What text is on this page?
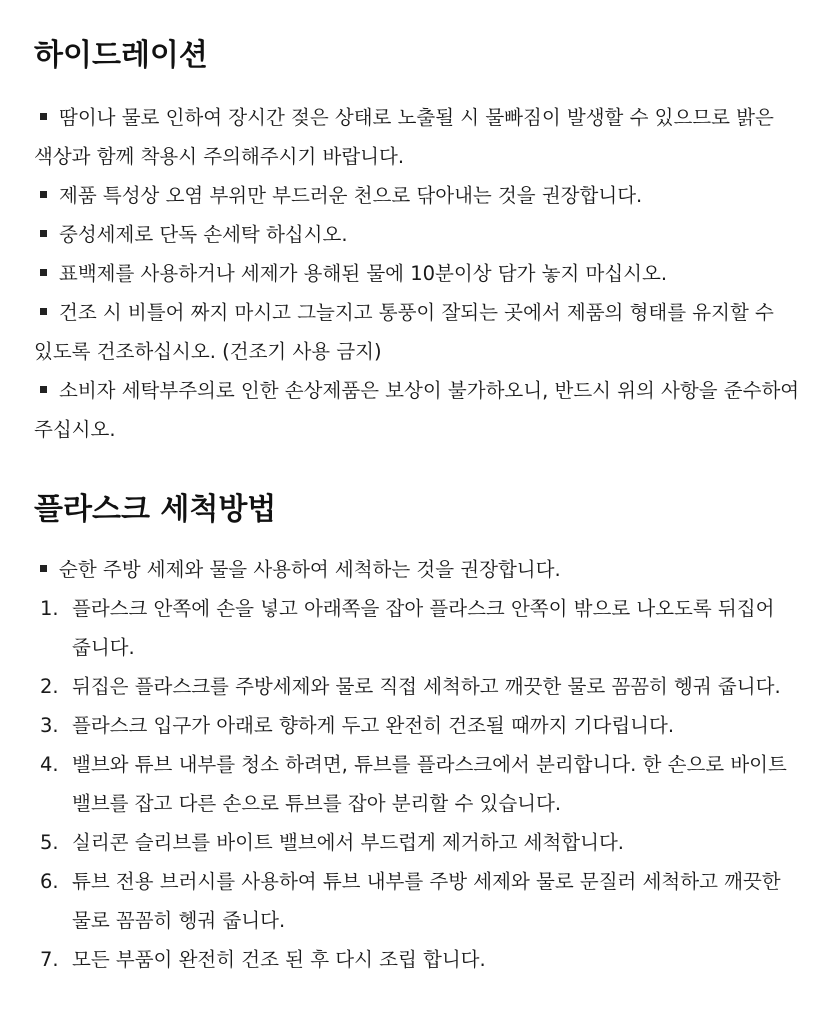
하이드레이션
땀이나 물로 인하여 장시간 젖은 상태로 노출될 시 물빠짐이 발생할 수 있으므로 밝은 색상과 함께 착용시 주의해주시기 바랍니다.
제품 특성상 오염 부위만 부드러운 천으로 닦아내는 것을 권장합니다.
중성세제로 단독 손세탁 하십시오.
표백제를 사용하거나 세제가 용해된 물에 10분이상 담가 놓지 마십시오.
건조 시 비틀어 짜지 마시고 그늘지고 통풍이 잘되는 곳에서 제품의 형태를 유지할 수 있도록 건조하십시오. (건조기 사용 금지)
소비자 세탁부주의로 인한 손상제품은 보상이 불가하오니, 반드시 위의 사항을 준수하여 주십시오.
플라스크 세척방법
순한 주방 세제와 물을 사용하여 세척하는 것을 권장합니다.
1. 플라스크 안쪽에 손을 넣고 아래쪽을 잡아 플라스크 안쪽이 밖으로 나오도록 뒤집어 줍니다.
2. 뒤집은 플라스크를 주방세제와 물로 직접 세척하고 깨끗한 물로 꼼꼼히 헹궈 줍니다.
3. 플라스크 입구가 아래로 향하게 두고 완전히 건조될 때까지 기다립니다.
4. 밸브와 튜브 내부를 청소 하려면, 튜브를 플라스크에서 분리합니다. 한 손으로 바이트 밸브를 잡고 다른 손으로 튜브를 잡아 분리할 수 있습니다.
5. 실리콘 슬리브를 바이트 밸브에서 부드럽게 제거하고 세척합니다.
6. 튜브 전용 브러시를 사용하여 튜브 내부를 주방 세제와 물로 문질러 세척하고 깨끗한 물로 꼼꼼히 헹궈 줍니다.
7. 모든 부품이 완전히 건조 된 후 다시 조립 합니다.
